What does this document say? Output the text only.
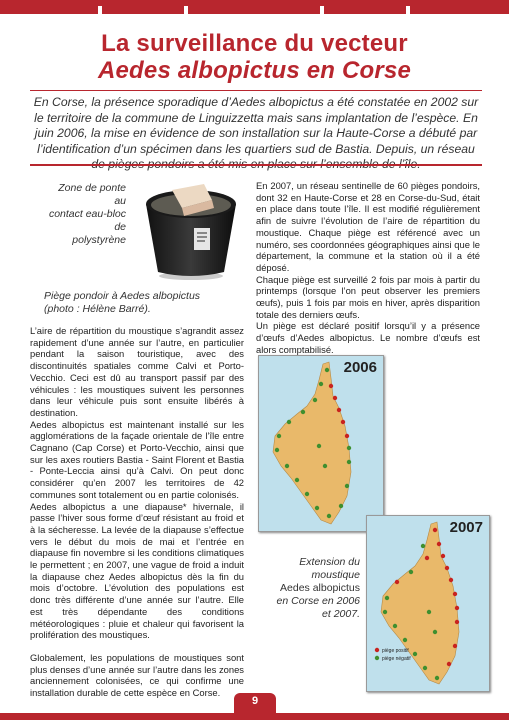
La surveillance du vecteur
Aedes albopictus en Corse

En Corse, la présence sporadique d’Aedes albopictus a été constatée en 2002 sur le territoire de la commune de Linguizzetta mais sans implantation de l’espèce. En juin 2006, la mise en évidence de son installation sur la Haute-Corse a débuté par l’identification d’un spécimen dans les quartiers sud de Bastia. Depuis, un réseau

Zone de ponte au
contact eau-bloc de
polystyrène
Piège pondoir à Aedes albopictus
(photo : Hélène Barré).

L’aire de répartition du moustique s’agrandit assez rapidement d’une année sur l’autre, en particulier pendant la saison touristique, avec des discontinuités spatiales comme Calvi et Porto-Vecchio. Ceci est dû au transport passif par des véhicules : les moustiques suivent les personnes dans leur véhicule puis sont ensuite libérés à destination.

Aedes albopictus est maintenant installé sur les agglomérations de la façade orientale de l’île entre Cagnano (Cap Corse) et Porto-Vecchio, ainsi que sur les axes routiers Bastia - Saint Florent et Bastia - Ponte-Leccia ainsi qu’à Calvi. On peut donc considérer qu’en 2007 les territoires de 42 communes sont totalement ou en partie colonisés.

Aedes albopictus a une diapause* hivernale, il passe l’hiver sous forme d’œuf résistant au froid et à la sécheresse. La levée de la diapause s’effectue vers le début du mois de mai et l’entrée en diapause fin novembre si les conditions climatiques le permettent ; en 2007, une vague de froid a induit la diapause chez Aedes albopictus dès la fin du mois d’octobre. L’évolution des populations est donc très différente d’une année sur l’autre. Elle est très dépendante des conditions météorologiques : pluie et chaleur qui favorisent la prolifération des moustiques.

Globalement, les populations de moustiques sont plus denses d’une année sur l’autre dans les zones anciennement colonisées, ce qui confirme une installation durable de cette espèce en Corse.

En 2007, un réseau sentinelle de 60 pièges pondoirs, dont 32 en Haute-Corse et 28 en Corse-du-Sud, était en place dans toute l’île. Il est modifié régulièrement afin de suivre l’évolution de l’aire de répartition du moustique. Chaque piège est référencé avec un numéro, ses coordonnées géographiques ainsi que le département, la commune et la station où il a été déposé.

Chaque piège est surveillé 2 fois par mois à partir du printemps (lorsque l’on peut observer les premiers œufs), puis 1 fois par mois en hiver, après disparition totale des derniers œufs.

Un piège est déclaré positif lorsqu’il y a présence d’œufs d’Aedes albopictus. Le nombre d’œufs est alors comptabilisé.

2006
piège positif
piège négatif
2007
Extension du
moustique
Aedes albopictus
en Corse en 2006
et 2007.
9
